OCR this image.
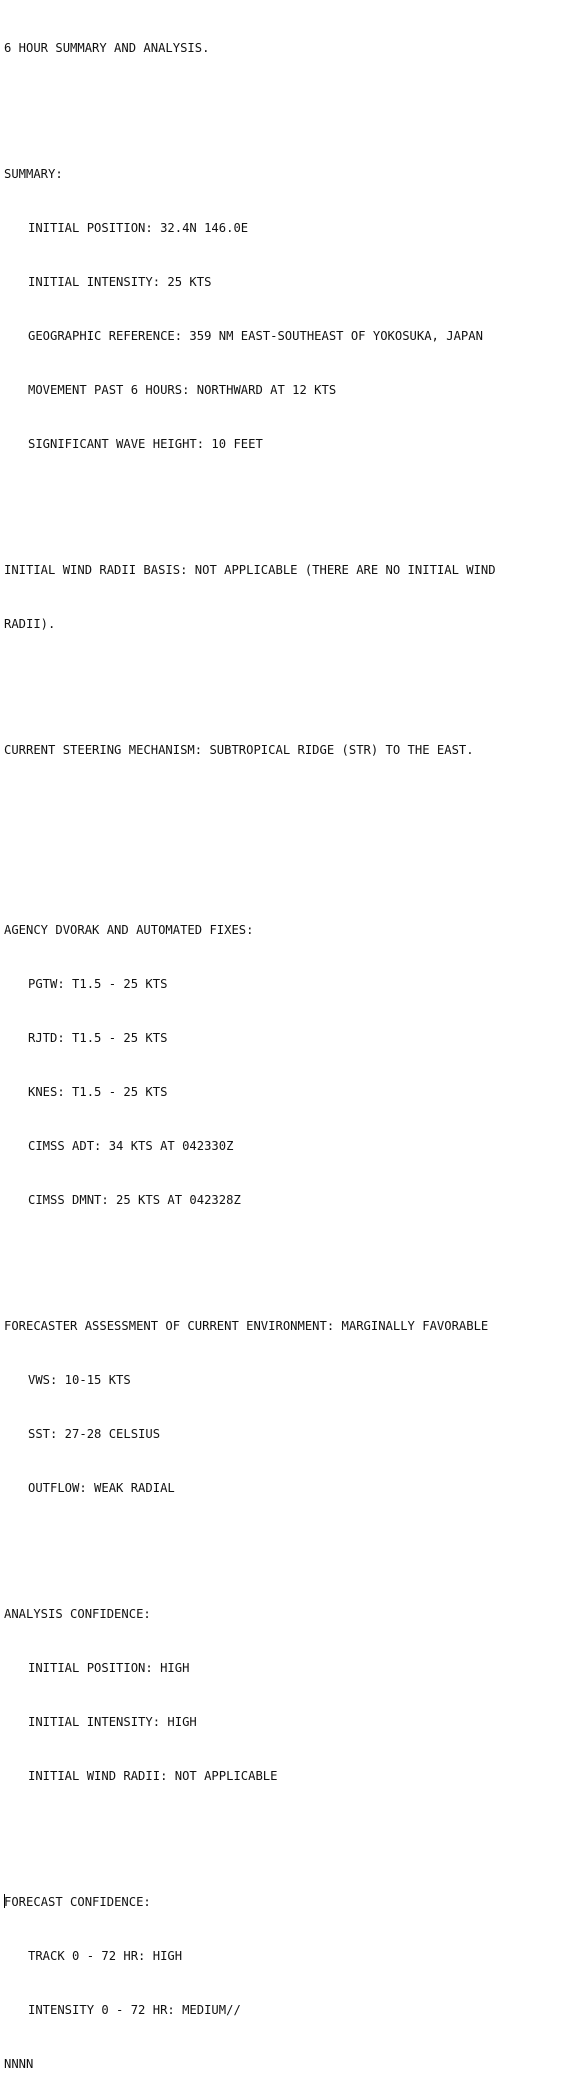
6 HOUR SUMMARY AND ANALYSIS.

SUMMARY:

INITIAL POSITION: 32.4N 146.0E

INITIAL INTENSITY: 25 KTS

GEOGRAPHIC REFERENCE: 359 NM EAST-SOUTHEAST OF YOKOSUKA, JAPAN

MOVEMENT PAST 6 HOURS: NORTHWARD AT 12 KTS

SIGNIFICANT WAVE HEIGHT: 10 FEET

INITIAL WIND RADII BASIS: NOT APPLICABLE (THERE ARE NO INITIAL WIND

RADII).

CURRENT STEERING MECHANISM: SUBTROPICAL RIDGE (STR) TO THE EAST.

AGENCY DVORAK AND AUTOMATED FIXES:

PGTW: T1.5 - 25 KTS

RJTD: T1.5 - 25 KTS

KNES: T1.5 - 25 KTS

CIMSS ADT: 34 KTS AT 042330Z

CIMSS DMNT: 25 KTS AT 042328Z

FORECASTER ASSESSMENT OF CURRENT ENVIRONMENT: MARGINALLY FAVORABLE

VWS: 10-15 KTS

SST: 27-28 CELSIUS

OUTFLOW: WEAK RADIAL

ANALYSIS CONFIDENCE:

INITIAL POSITION: HIGH

INITIAL INTENSITY: HIGH

INITIAL WIND RADII: NOT APPLICABLE

FORECAST CONFIDENCE:

TRACK 0 - 72 HR: HIGH

INTENSITY 0 - 72 HR: MEDIUM//

NNNN
